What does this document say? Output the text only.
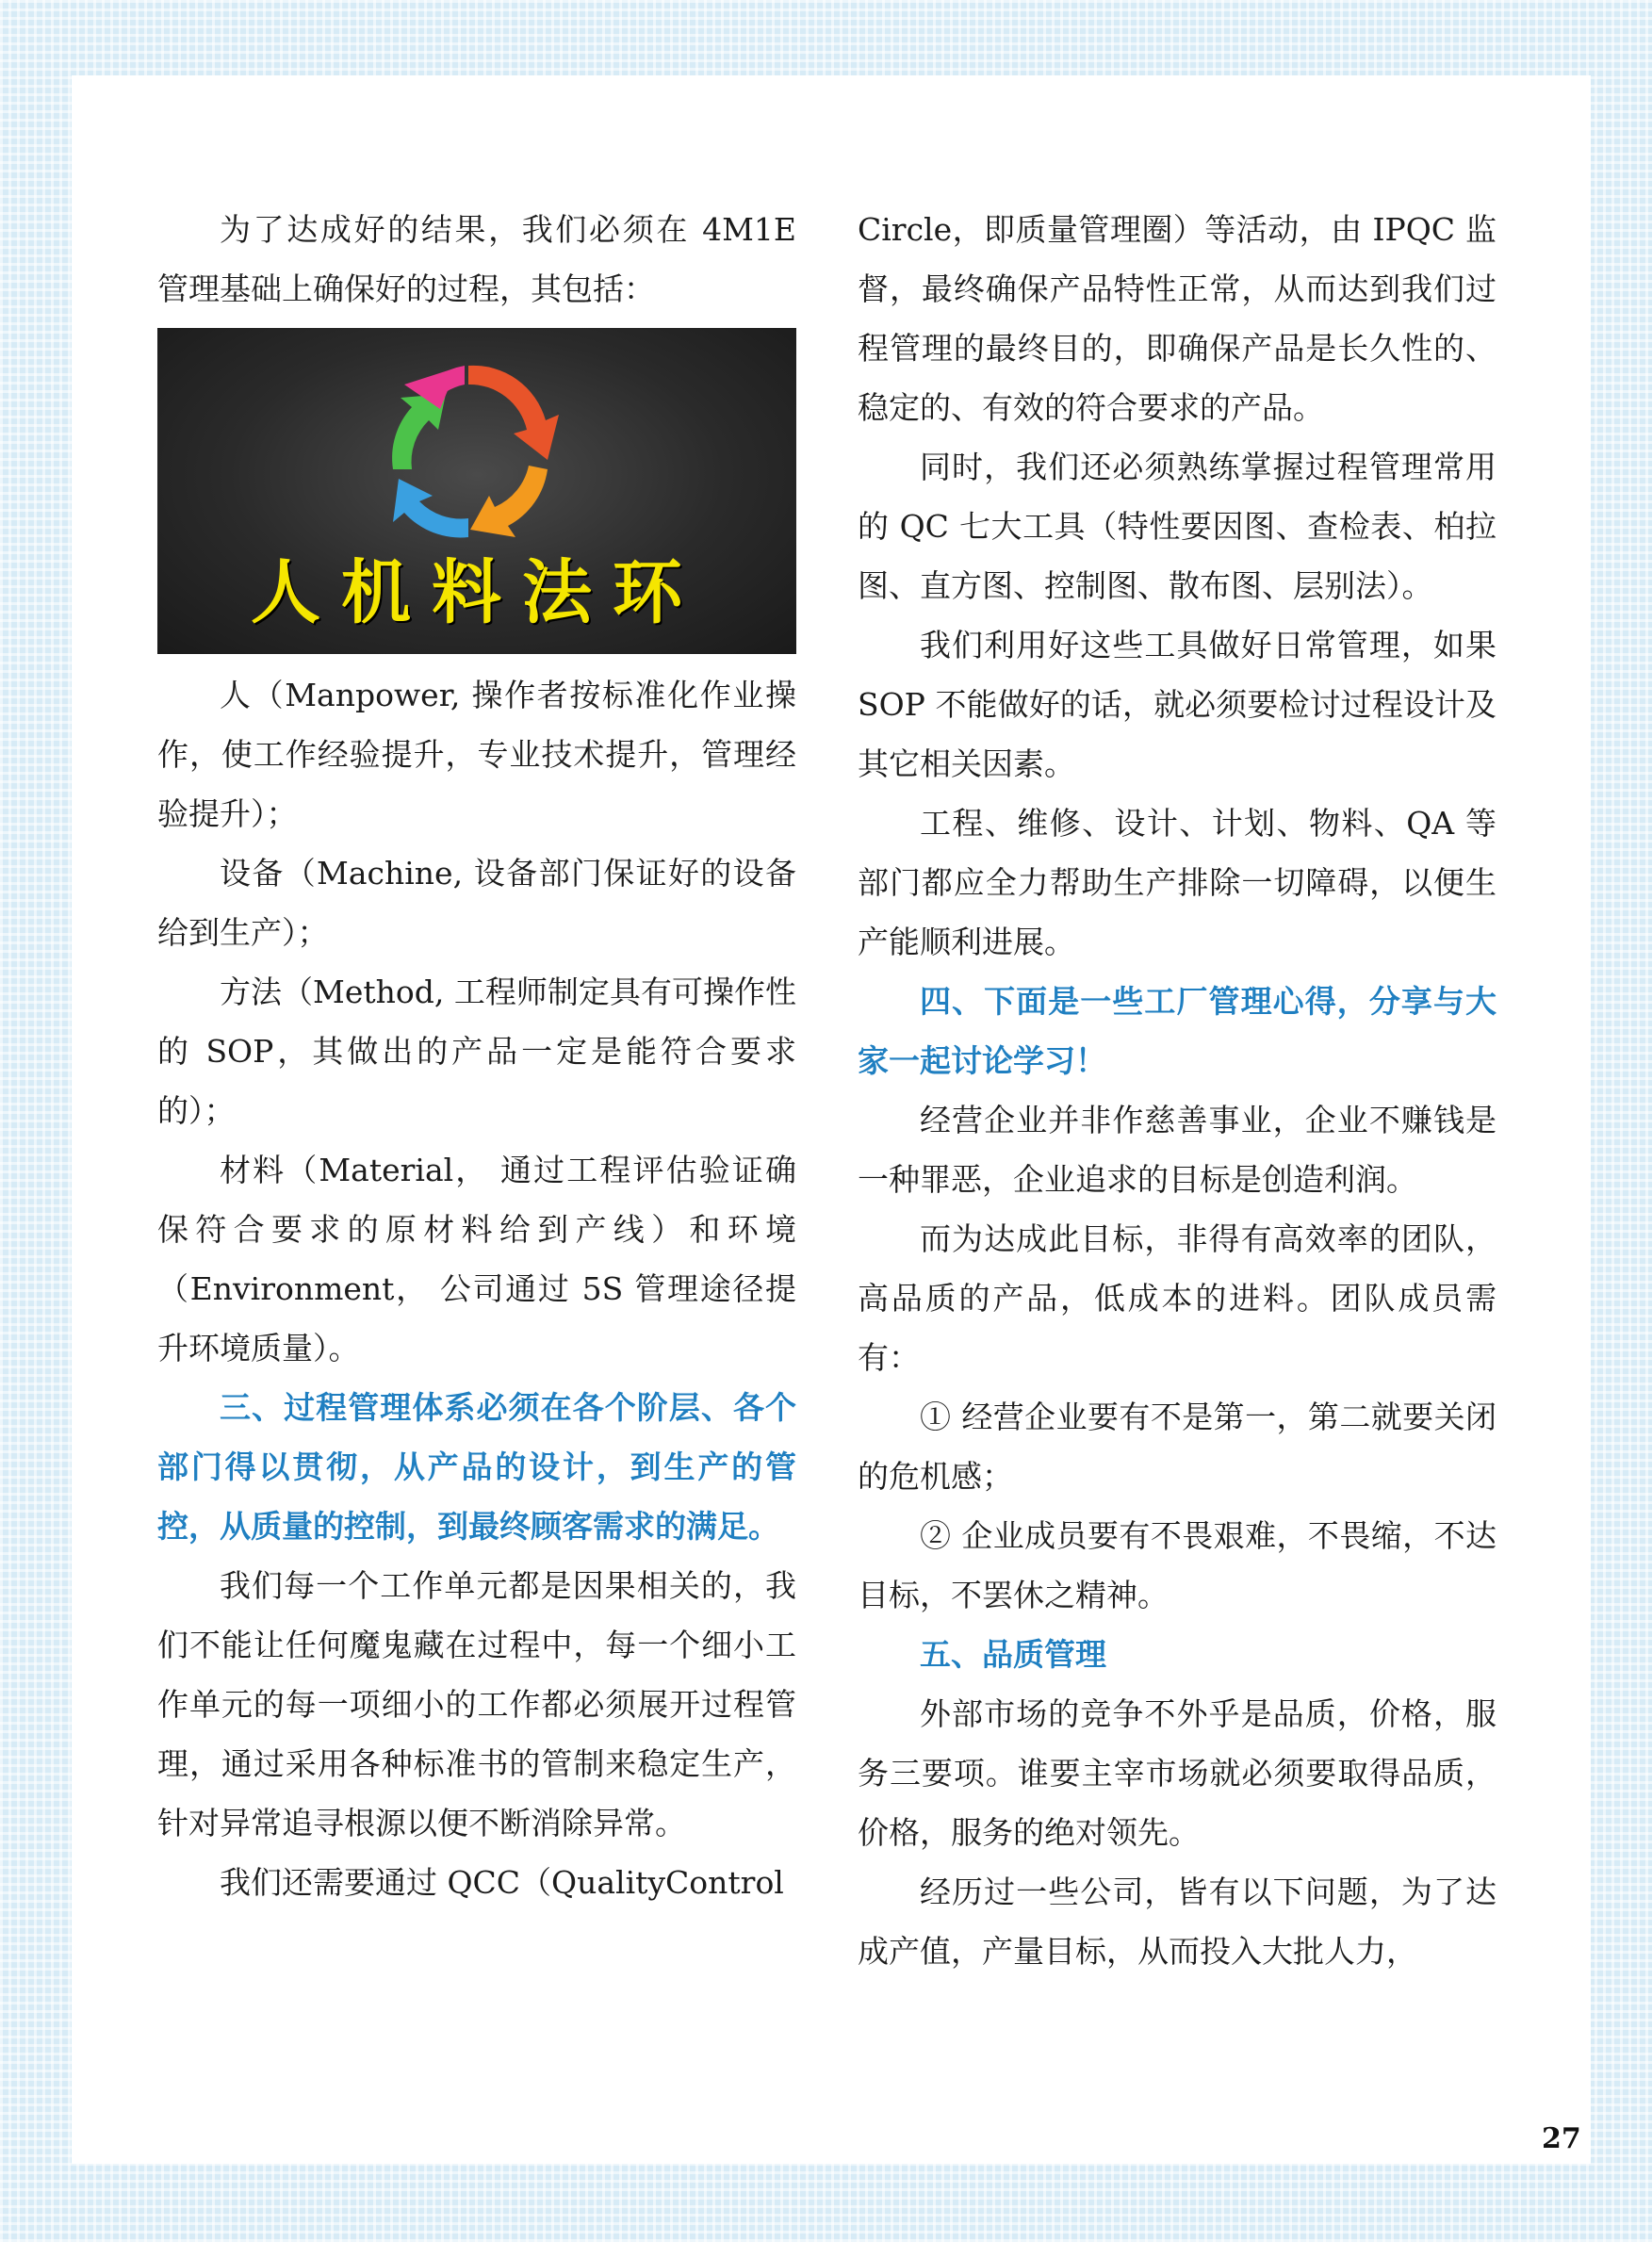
为了达成好的结果，我们必须在 4M1E 管理基础上确保好的过程，其包括：

人机料法环

人（Manpower, 操作者按标准化作业操作，使工作经验提升，专业技术提升，管理经验提升）；

设备（Machine, 设备部门保证好的设备给到生产）；

方法（Method, 工程师制定具有可操作性的 SOP，其做出的产品一定是能符合要求的）；

材料（Material， 通过工程评估验证确保符合要求的原材料给到产线）和环境（Environment， 公司通过 5S 管理途径提升环境质量）。

三、过程管理体系必须在各个阶层、各个部门得以贯彻，从产品的设计，到生产的管控，从质量的控制，到最终顾客需求的满足。

我们每一个工作单元都是因果相关的，我们不能让任何魔鬼藏在过程中，每一个细小工作单元的每一项细小的工作都必须展开过程管理，通过采用各种标准书的管制来稳定生产，针对异常追寻根源以便不断消除异常。

我们还需要通过 QCC（QualityControl

Circle，即质量管理圈）等活动，由 IPQC 监督，最终确保产品特性正常，从而达到我们过程管理的最终目的，即确保产品是长久性的、稳定的、有效的符合要求的产品。

同时，我们还必须熟练掌握过程管理常用的 QC 七大工具（特性要因图、查检表、柏拉图、直方图、控制图、散布图、层别法）。

我们利用好这些工具做好日常管理，如果 SOP 不能做好的话，就必须要检讨过程设计及其它相关因素。

工程、维修、设计、计划、物料、QA 等部门都应全力帮助生产排除一切障碍，以便生产能顺利进展。

四、下面是一些工厂管理心得，分享与大家一起讨论学习！

经营企业并非作慈善事业，企业不赚钱是一种罪恶，企业追求的目标是创造利润。

而为达成此目标，非得有高效率的团队，高品质的产品，低成本的进料。团队成员需有：

① 经营企业要有不是第一，第二就要关闭的危机感；

② 企业成员要有不畏艰难，不畏缩，不达目标，不罢休之精神。

五、品质管理

外部市场的竞争不外乎是品质，价格，服务三要项。谁要主宰市场就必须要取得品质，价格，服务的绝对领先。

经历过一些公司，皆有以下问题，为了达成产值，产量目标，从而投入大批人力，

27
